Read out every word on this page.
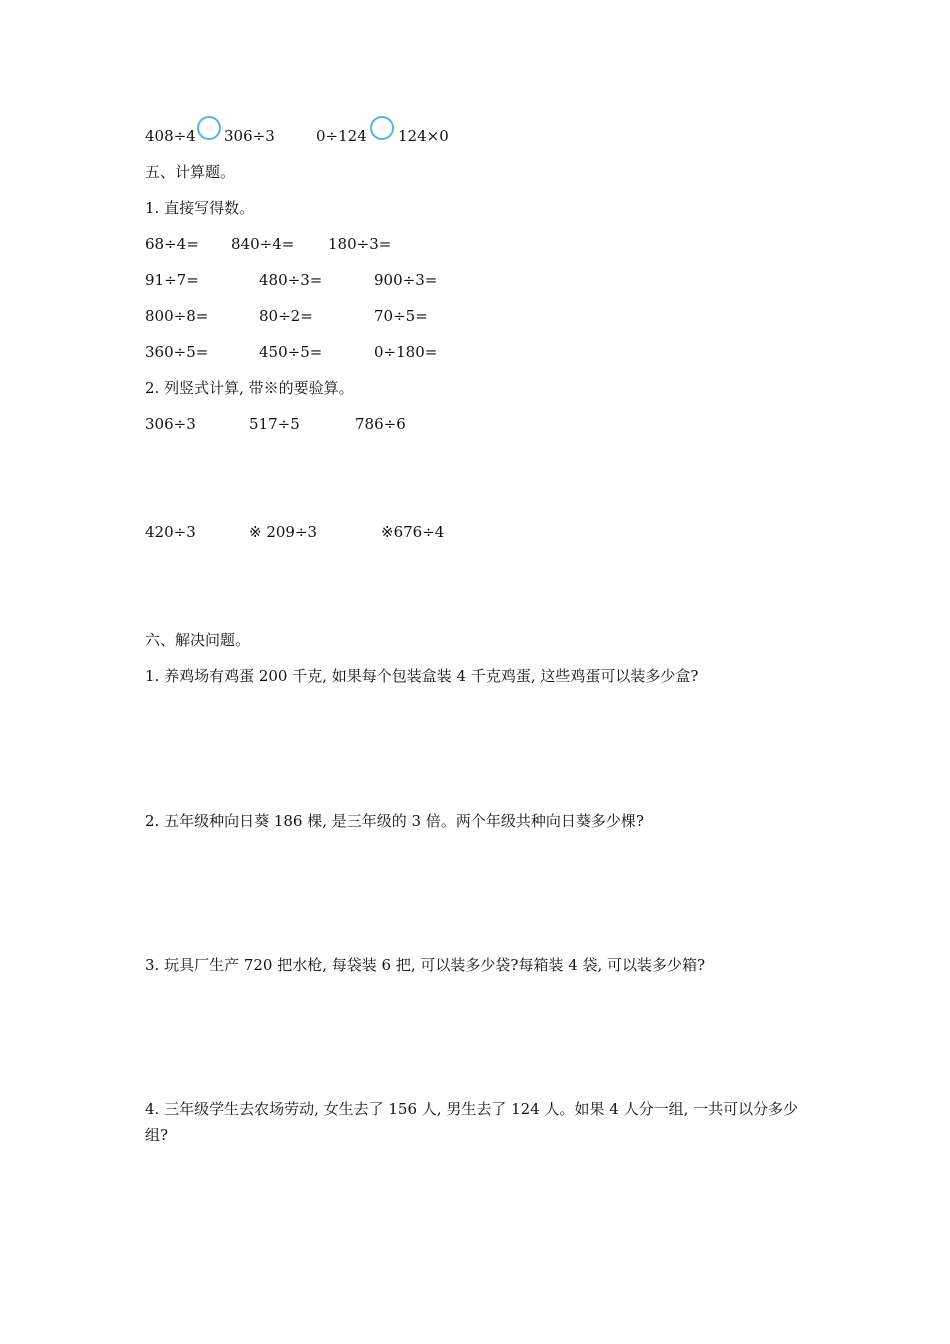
408÷4 306÷3	0÷124 124×0
五、计算题。
1. 直接写得数。
68÷4= 840÷4= 180÷3=
91÷7=	480÷3=	900÷3=
800÷8=	80÷2=	70÷5=
360÷5=	450÷5=	0÷180=
2. 列竖式计算, 带※的要验算。
306÷3	517÷5	786÷6
420÷3	※ 209÷3	※676÷4
六、解决问题。
1. 养鸡场有鸡蛋 200 千克, 如果每个包装盒装 4 千克鸡蛋, 这些鸡蛋可以装多少盒?
2. 五年级种向日葵 186 棵, 是三年级的 3 倍。两个年级共种向日葵多少棵?
3. 玩具厂生产 720 把水枪, 每袋装 6 把, 可以装多少袋?每箱装 4 袋, 可以装多少箱?
4. 三年级学生去农场劳动, 女生去了 156 人, 男生去了 124 人。如果 4 人分一组, 一共可以分多少组?
